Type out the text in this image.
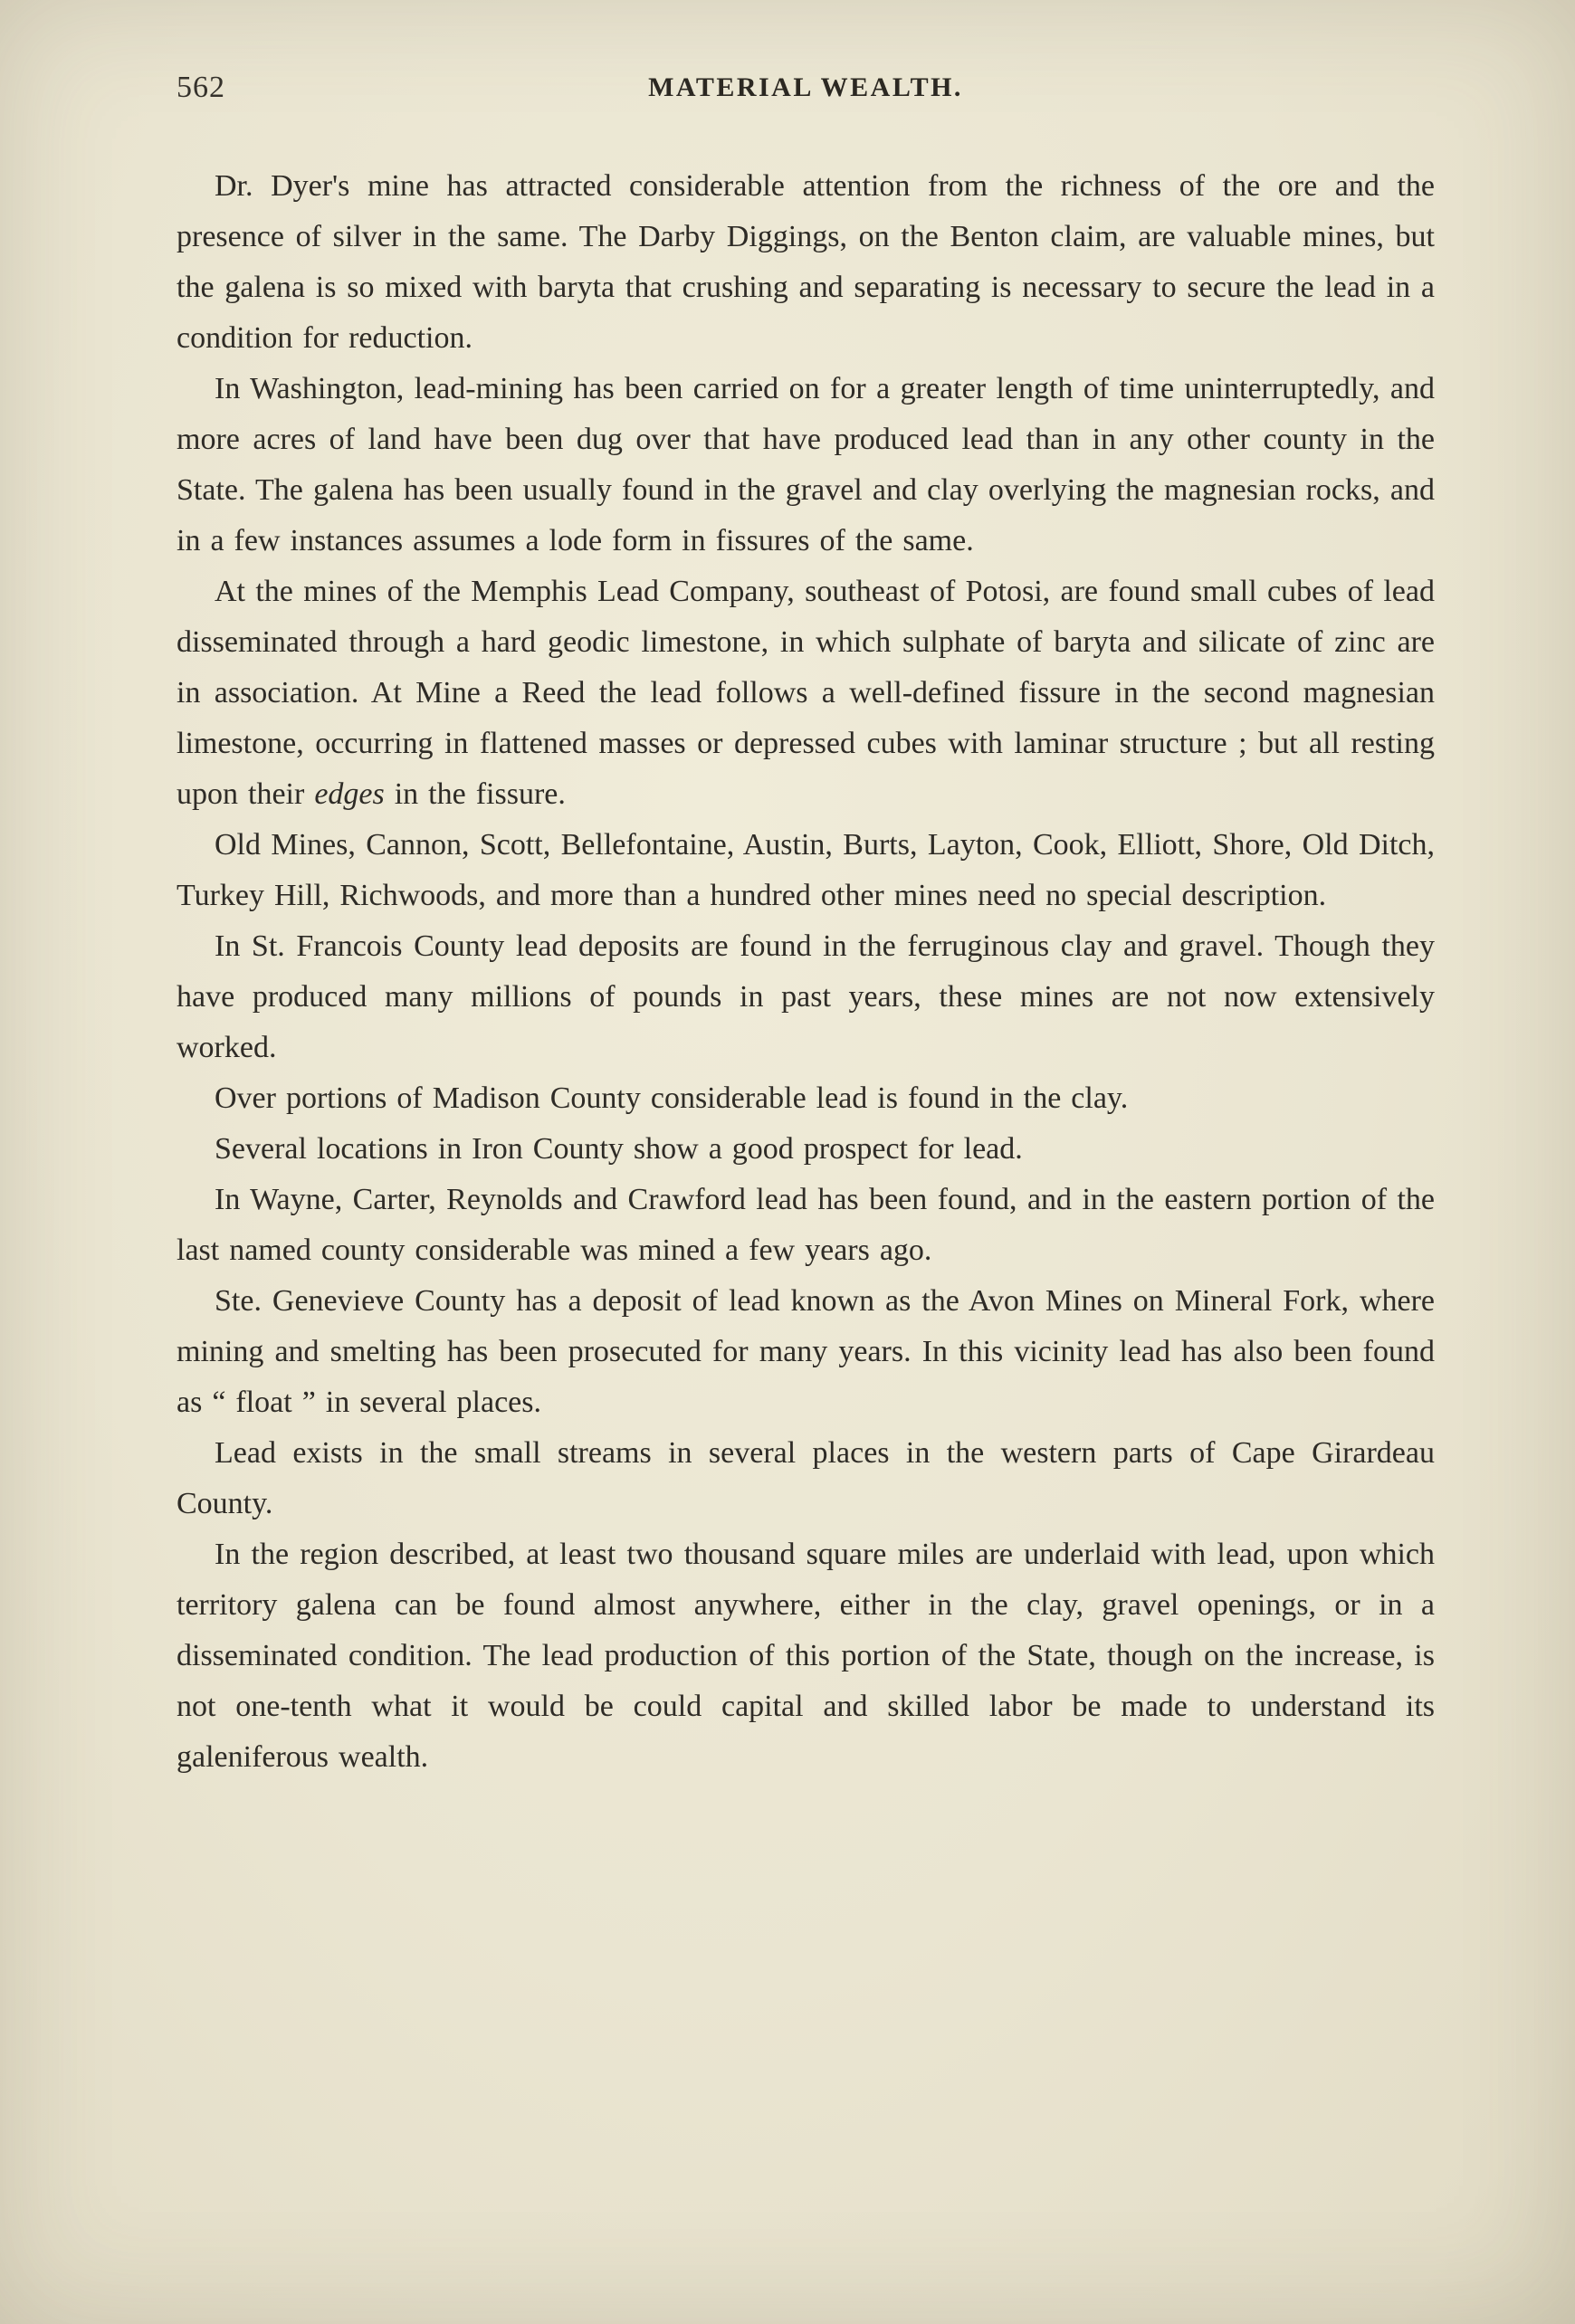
562	MATERIAL WEALTH.

Dr. Dyer's mine has attracted considerable attention from the richness of the ore and the presence of silver in the same. The Darby Diggings, on the Benton claim, are valuable mines, but the galena is so mixed with baryta that crushing and separating is necessary to secure the lead in a condition for reduction.

In Washington, lead-mining has been carried on for a greater length of time uninterruptedly, and more acres of land have been dug over that have produced lead than in any other county in the State. The galena has been usually found in the gravel and clay overlying the magnesian rocks, and in a few instances assumes a lode form in fissures of the same.

At the mines of the Memphis Lead Company, southeast of Potosi, are found small cubes of lead disseminated through a hard geodic limestone, in which sulphate of baryta and silicate of zinc are in association. At Mine a Reed the lead follows a well-defined fissure in the second magnesian limestone, occurring in flattened masses or depressed cubes with laminar structure ; but all resting upon their edges in the fissure.

Old Mines, Cannon, Scott, Bellefontaine, Austin, Burts, Layton, Cook, Elliott, Shore, Old Ditch, Turkey Hill, Richwoods, and more than a hundred other mines need no special description.

In St. Francois County lead deposits are found in the ferruginous clay and gravel. Though they have produced many millions of pounds in past years, these mines are not now extensively worked.

Over portions of Madison County considerable lead is found in the clay.

Several locations in Iron County show a good prospect for lead.

In Wayne, Carter, Reynolds and Crawford lead has been found, and in the eastern portion of the last named county considerable was mined a few years ago.

Ste. Genevieve County has a deposit of lead known as the Avon Mines on Mineral Fork, where mining and smelting has been prosecuted for many years. In this vicinity lead has also been found as “ float ” in several places.

Lead exists in the small streams in several places in the western parts of Cape Girardeau County.

In the region described, at least two thousand square miles are underlaid with lead, upon which territory galena can be found almost anywhere, either in the clay, gravel openings, or in a disseminated condition. The lead production of this portion of the State, though on the increase, is not one-tenth what it would be could capital and skilled labor be made to understand its galeniferous wealth.
